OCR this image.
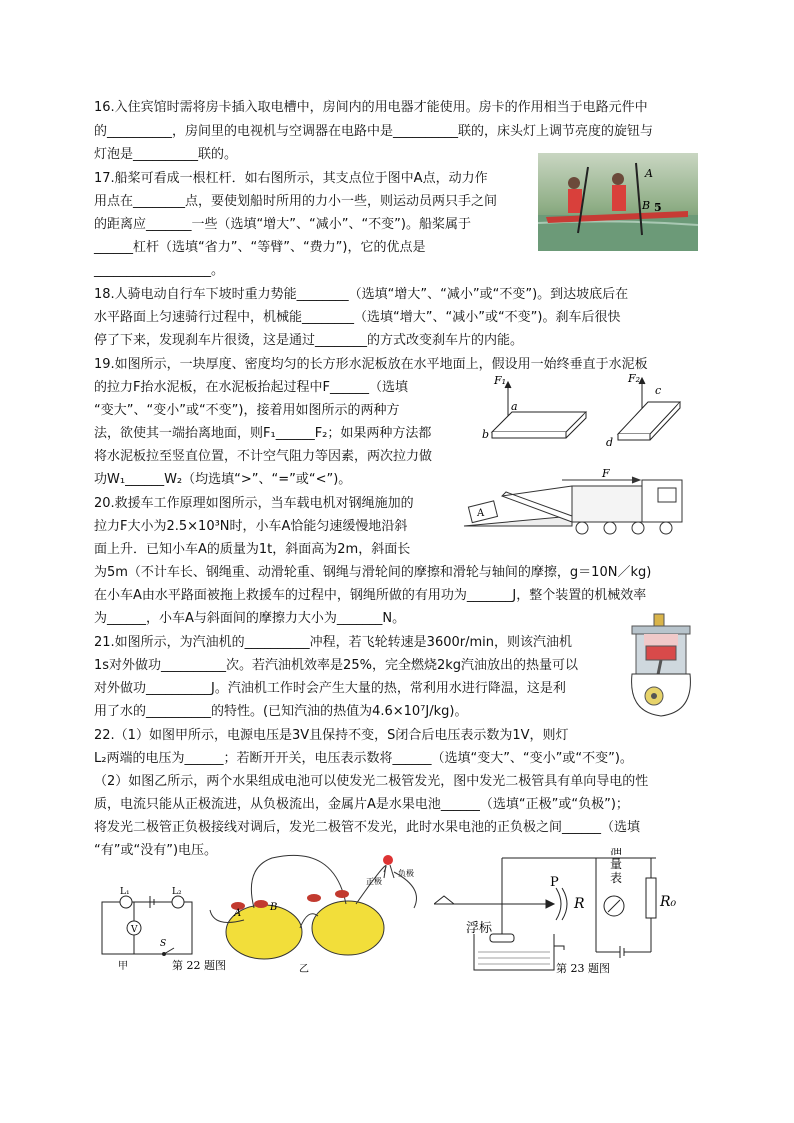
16.入住宾馆时需将房卡插入取电槽中，房间内的用电器才能使用。房卡的作用相当于电路元件中
的__________，房间里的电视机与空调器在电路中是__________联的，床头灯上调节亮度的旋钮与
灯泡是__________联的。
17.船桨可看成一根杠杆．如右图所示，其支点位于图中A点，动力作
用点在________点，要使划船时所用的力小一些，则运动员两只手之间
的距离应_______一些（选填“增大”、“减小”、“不变”)。船桨属于
______杠杆（选填“省力”、“等臂”、“费力”)，它的优点是
__________________。
A
B 5
18.人骑电动自行车下坡时重力势能________（选填“增大”、“减小”或“不变”)。到达坡底后在
水平路面上匀速骑行过程中，机械能________（选填“增大”、“减小”或“不变”)。刹车后很快
停了下来，发现刹车片很烫，这是通过________的方式改变刹车片的内能。
19.如图所示，一块厚度、密度均匀的长方形水泥板放在水平地面上，假设用一始终垂直于水泥板
的拉力F抬水泥板，在水泥板抬起过程中F______（选填
“变大”、“变小”或“不变”)，接着用如图所示的两种方
法，欲使其一端抬离地面，则F₁______F₂；如果两种方法都
将水泥板拉至竖直位置，不计空气阻力等因素，两次拉力做
功W₁______W₂（均选填“>”、“=”或“<”)。
F₁
a
b
F₂
c
d
20.救援车工作原理如图所示，当车载电机对钢绳施加的
拉力F大小为2.5×10³N时，小车A恰能匀速缓慢地沿斜
面上升．已知小车A的质量为1t，斜面高为2m，斜面长
为5m（不计车长、钢绳重、动滑轮重、钢绳与滑轮间的摩擦和滑轮与轴间的摩擦，g＝10N／kg)
在小车A由水平路面被拖上救援车的过程中，钢绳所做的有用功为_______J，整个装置的机械效率
为______，小车A与斜面间的摩擦力大小为_______N。
F
A
21.如图所示，为汽油机的__________冲程，若飞轮转速是3600r/min，则该汽油机
1s对外做功__________次。若汽油机效率是25%，完全燃烧2kg汽油放出的热量可以
对外做功__________J。汽油机工作时会产生大量的热，常利用水进行降温，这是利
用了水的__________的特性。(已知汽油的热值为4.6×10⁷J/kg)。
22.（1）如图甲所示，电源电压是3V且保持不变，S闭合后电压表示数为1V，则灯
L₂两端的电压为______；若断开开关，电压表示数将______（选填“变大”、“变小”或“不变”)。
（2）如图乙所示，两个水果组成电池可以使发光二极管发光，图中发光二极管具有单向导电的性
质，电流只能从正极流进，从负极流出，金属片A是水果电池______（选填“正极”或“负极”)；
将发光二极管正负极接线对调后，发光二极管不发光，此时水果电池的正负极之间______（选填
“有”或“没有”)电压。
L₁	L₂
V
S
甲	第 22 题图
A
B
正极
负极
乙
P
R
油量表
R₀
浮标
第 23 题图
